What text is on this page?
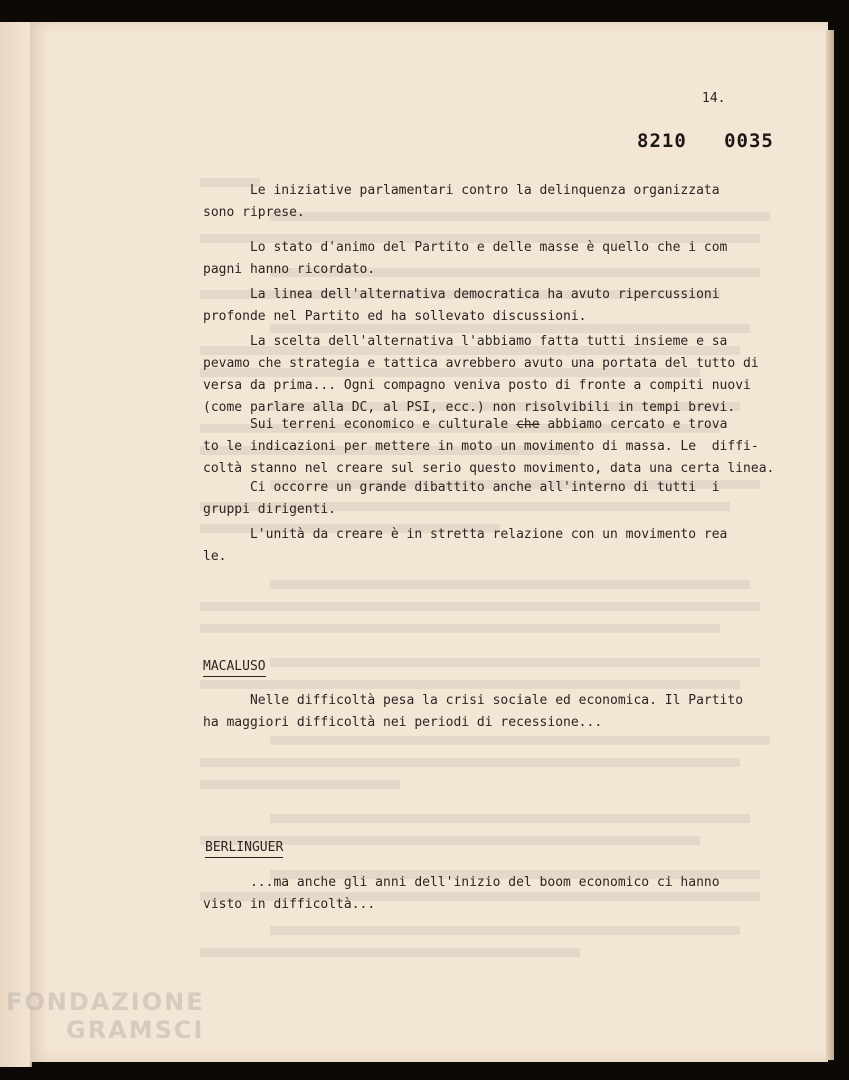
14.
8210   0035
Le iniziative parlamentari contro la delinquenza organizzata
sono riprese.
Lo stato d'animo del Partito e delle masse è quello che i com
pagni hanno ricordato.
La linea dell'alternativa democratica ha avuto ripercussioni
profonde nel Partito ed ha sollevato discussioni.
La scelta dell'alternativa l'abbiamo fatta tutti insieme e sa
pevamo che strategia e tattica avrebbero avuto una portata del tutto di
versa da prima... Ogni compagno veniva posto di fronte a compiti nuovi
(come parlare alla DC, al PSI, ecc.) non risolvibili in tempi brevi.
Sui terreni economico e culturale che abbiamo cercato e trova
to le indicazioni per mettere in moto un movimento di massa. Le  diffi-
coltà stanno nel creare sul serio questo movimento, data una certa linea.
Ci occorre un grande dibattito anche all'interno di tutti  i
gruppi dirigenti.
L'unità da creare è in stretta relazione con un movimento rea
le.
MACALUSO
Nelle difficoltà pesa la crisi sociale ed economica. Il Partito
ha maggiori difficoltà nei periodi di recessione...
BERLINGUER
...ma anche gli anni dell'inizio del boom economico ci hanno
visto in difficoltà...
FONDAZIONE
GRAMSCI
